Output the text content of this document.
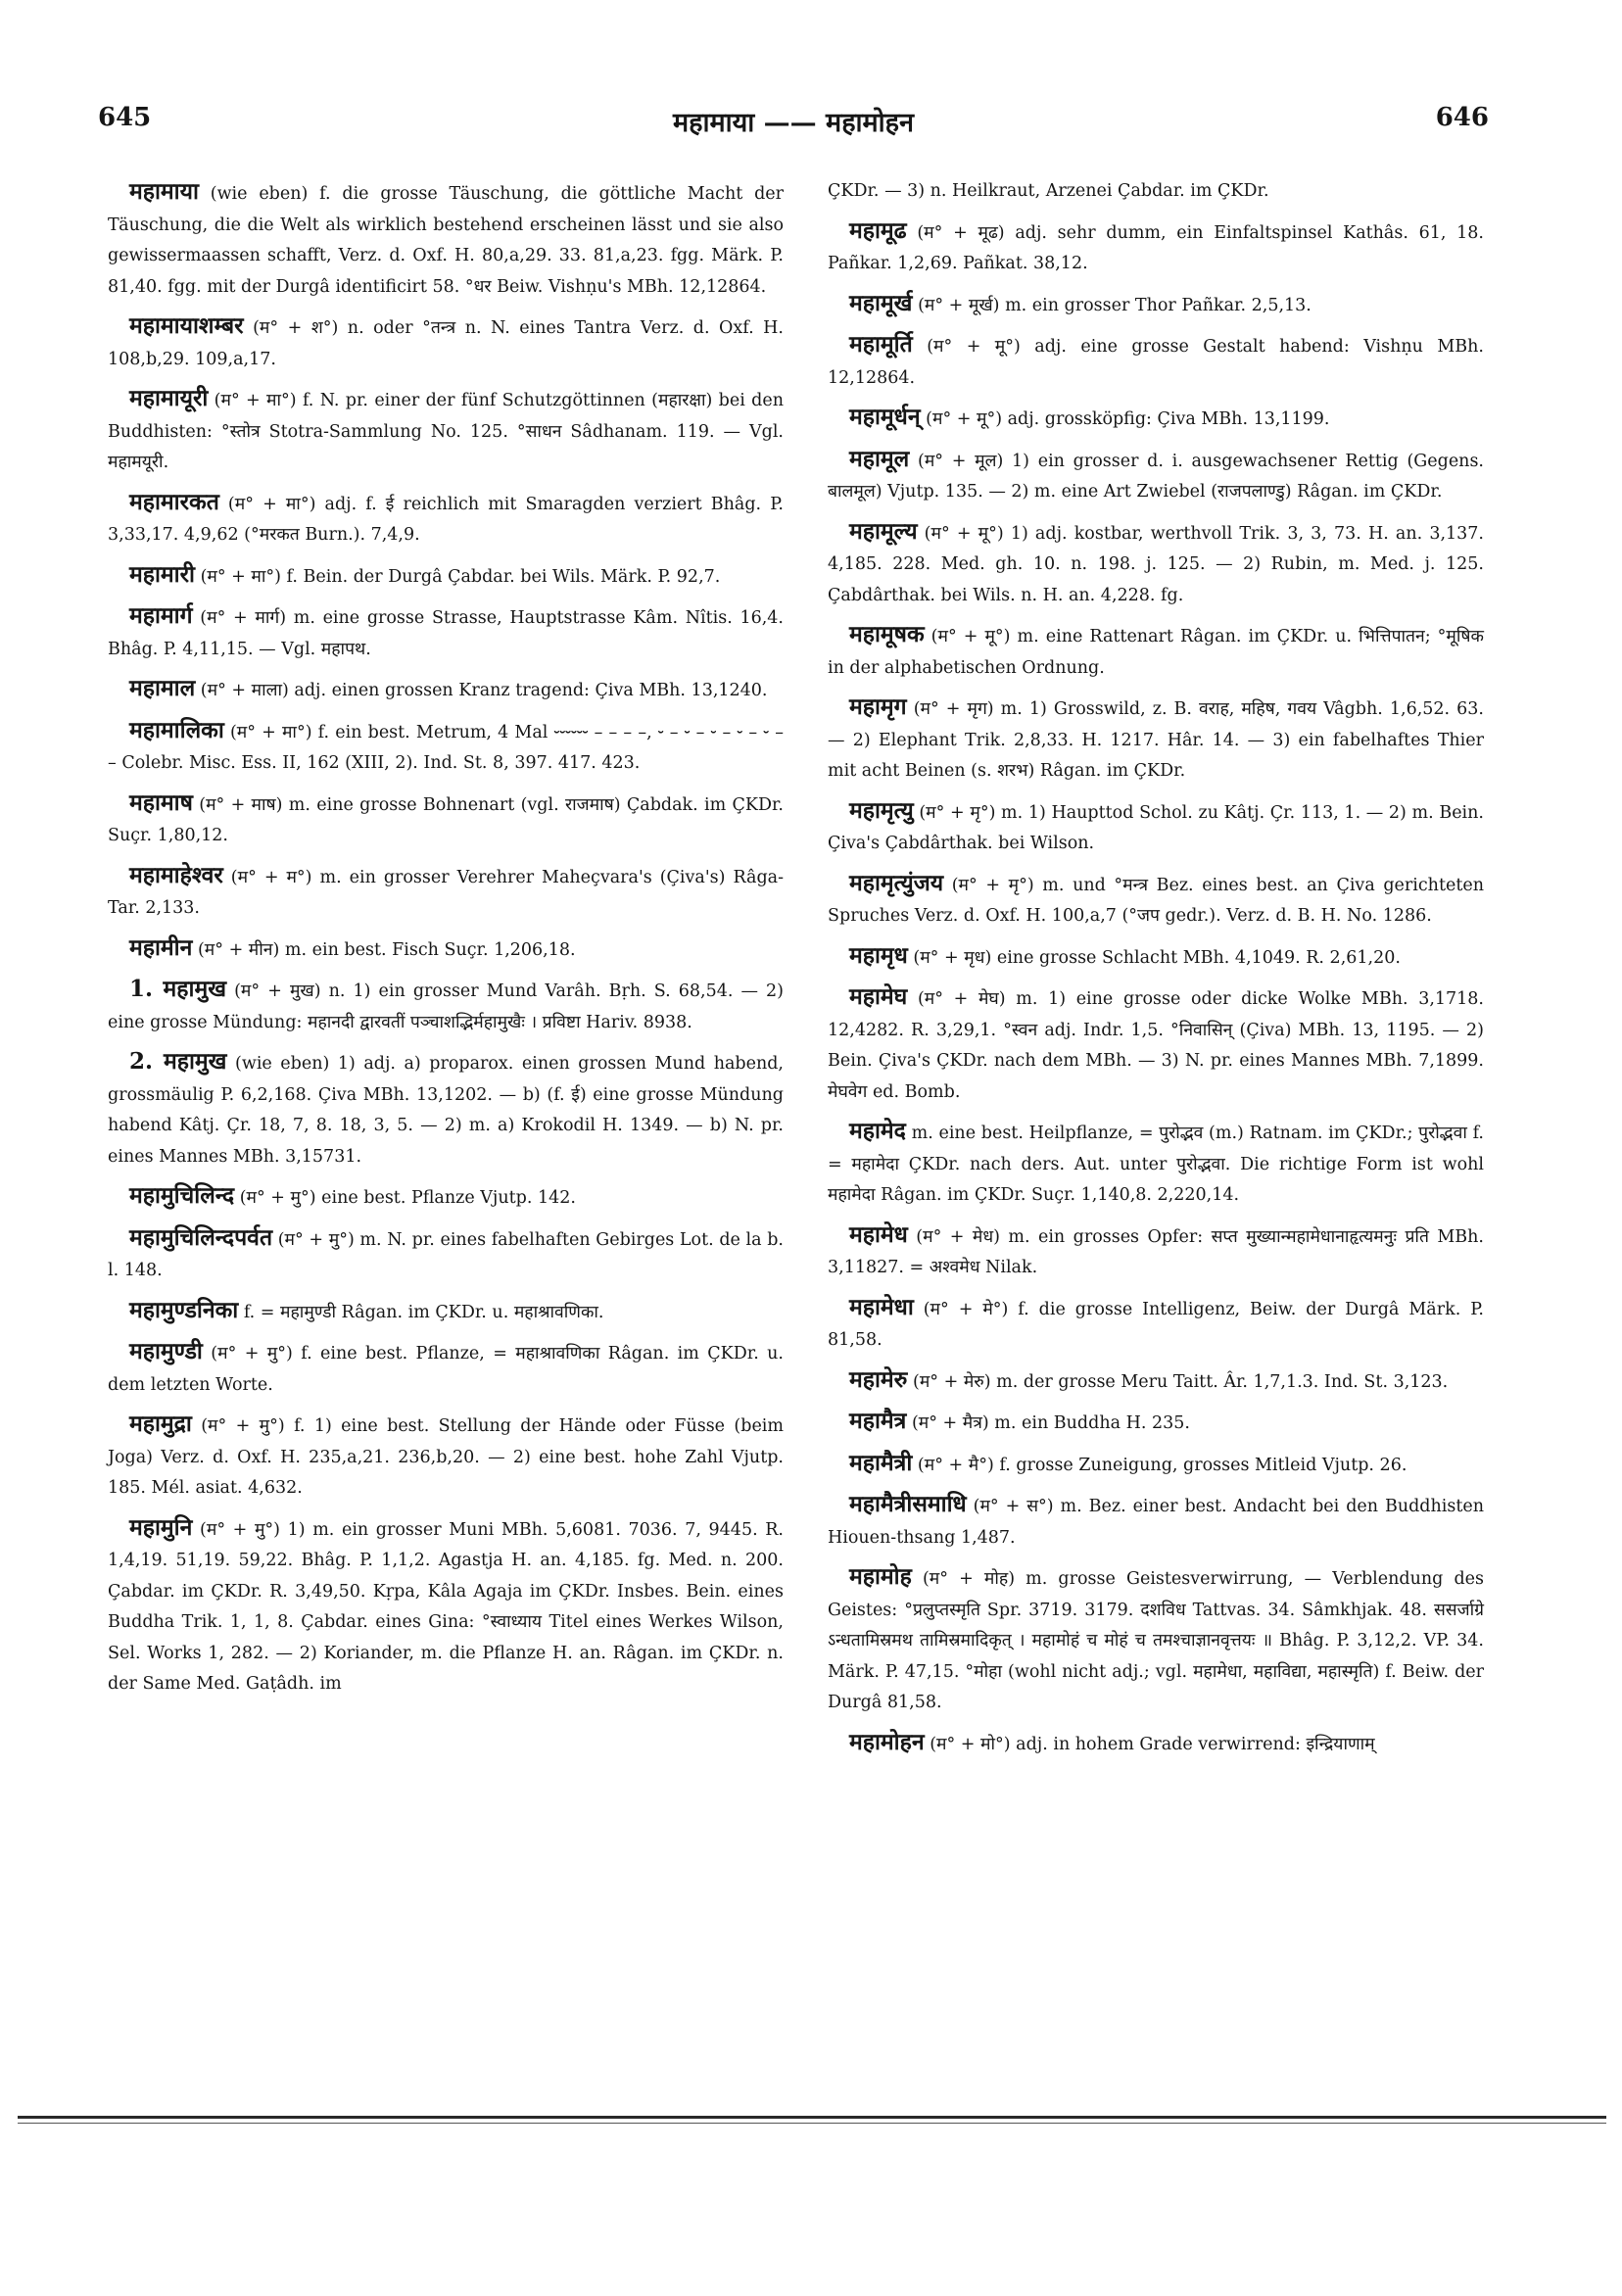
645	महामाया —— महामोहन	646

महामाया (wie eben) f. die grosse Täuschung, die göttliche Macht der Täuschung, die die Welt als wirklich bestehend erscheinen lässt und sie also gewissermaassen schafft, Verz. d. Oxf. H. 80,a,29. 33. 81,a,23. fgg. Märk. P. 81,40. fgg. mit der Durgâ identificirt 58. °धर Beiw. Vishṇu's MBh. 12,12864.

महामायाशम्बर (म° + श°) n. oder °तन्त्र n. N. eines Tantra Verz. d. Oxf. H. 108,b,29. 109,a,17.

महामायूरी (म° + मा°) f. N. pr. einer der fünf Schutzgöttinnen (महारक्षा) bei den Buddhisten: °स्तोत्र Stotra-Sammlung No. 125. °साधन Sâdhanam. 119. — Vgl. महामयूरी.

महामारकत (म° + मा°) adj. f. ई reichlich mit Smaragden verziert Bhâg. P. 3,33,17. 4,9,62 (°मरकत Burn.). 7,4,9.

महामारी (म° + मा°) f. Bein. der Durgâ Çabdar. bei Wils. Märk. P. 92,7.

महामार्ग (म° + मार्ग) m. eine grosse Strasse, Hauptstrasse Kâm. Nîtis. 16,4. Bhâg. P. 4,11,15. — Vgl. महापथ.

महामाल (म° + माला) adj. einen grossen Kranz tragend: Çiva MBh. 13,1240.

महामालिका (म° + मा°) f. ein best. Metrum, 4 Mal ⏑⏑⏑⏑⏑⏑ – – – –, ⏑ – ⏑ – ⏑ – ⏑ – ⏑ – – Colebr. Misc. Ess. II, 162 (XIII, 2). Ind. St. 8, 397. 417. 423.

महामाष (म° + माष) m. eine grosse Bohnenart (vgl. राजमाष) Çabdak. im ÇKDr. Suçr. 1,80,12.

महामाहेश्वर (म° + म°) m. ein grosser Verehrer Maheçvara's (Çiva's) Râga-Tar. 2,133.

महामीन (म° + मीन) m. ein best. Fisch Suçr. 1,206,18.

1. महामुख (म° + मुख) n. 1) ein grosser Mund Varâh. Bṛh. S. 68,54. — 2) eine grosse Mündung: महानदी द्वारवतीं पञ्चाशद्भिर्महामुखैः । प्रविष्टा Hariv. 8938.

2. महामुख (wie eben) 1) adj. a) proparox. einen grossen Mund habend, grossmäulig P. 6,2,168. Çiva MBh. 13,1202. — b) (f. ई) eine grosse Mündung habend Kâtj. Çr. 18, 7, 8. 18, 3, 5. — 2) m. a) Krokodil H. 1349. — b) N. pr. eines Mannes MBh. 3,15731.

महामुचिलिन्द (म° + मु°) eine best. Pflanze Vjutp. 142.

महामुचिलिन्दपर्वत (म° + मु°) m. N. pr. eines fabelhaften Gebirges Lot. de la b. l. 148.

महामुण्डनिका f. = महामुण्डी Râgan. im ÇKDr. u. महाश्रावणिका.

महामुण्डी (म° + मु°) f. eine best. Pflanze, = महाश्रावणिका Râgan. im ÇKDr. u. dem letzten Worte.

महामुद्रा (म° + मु°) f. 1) eine best. Stellung der Hände oder Füsse (beim Joga) Verz. d. Oxf. H. 235,a,21. 236,b,20. — 2) eine best. hohe Zahl Vjutp. 185. Mél. asiat. 4,632.

महामुनि (म° + मु°) 1) m. ein grosser Muni MBh. 5,6081. 7036. 7, 9445. R. 1,4,19. 51,19. 59,22. Bhâg. P. 1,1,2. Agastja H. an. 4,185. fg. Med. n. 200. Çabdar. im ÇKDr. R. 3,49,50. Kṛpa, Kâla Agaja im ÇKDr. Insbes. Bein. eines Buddha Trik. 1, 1, 8. Çabdar. eines Gina: °स्वाध्याय Titel eines Werkes Wilson, Sel. Works 1, 282. — 2) Koriander, m. die Pflanze H. an. Râgan. im ÇKDr. n. der Same Med. Gaṭâdh. im

ÇKDr. — 3) n. Heilkraut, Arzenei Çabdar. im ÇKDr.

महामूढ (म° + मूढ) adj. sehr dumm, ein Einfaltspinsel Kathâs. 61, 18. Pañkar. 1,2,69. Pañkat. 38,12.

महामूर्ख (म° + मूर्ख) m. ein grosser Thor Pañkar. 2,5,13.

महामूर्ति (म° + मू°) adj. eine grosse Gestalt habend: Vishṇu MBh. 12,12864.

महामूर्धन् (म° + मू°) adj. grossköpfig: Çiva MBh. 13,1199.

महामूल (म° + मूल) 1) ein grosser d. i. ausgewachsener Rettig (Gegens. बालमूल) Vjutp. 135. — 2) m. eine Art Zwiebel (राजपलाण्डु) Râgan. im ÇKDr.

महामूल्य (म° + मू°) 1) adj. kostbar, werthvoll Trik. 3, 3, 73. H. an. 3,137. 4,185. 228. Med. gh. 10. n. 198. j. 125. — 2) Rubin, m. Med. j. 125. Çabdârthak. bei Wils. n. H. an. 4,228. fg.

महामूषक (म° + मू°) m. eine Rattenart Râgan. im ÇKDr. u. भित्तिपातन; °मूषिक in der alphabetischen Ordnung.

महामृग (म° + मृग) m. 1) Grosswild, z. B. वराह, महिष, गवय Vâgbh. 1,6,52. 63. — 2) Elephant Trik. 2,8,33. H. 1217. Hâr. 14. — 3) ein fabelhaftes Thier mit acht Beinen (s. शरभ) Râgan. im ÇKDr.

महामृत्यु (म° + मृ°) m. 1) Haupttod Schol. zu Kâtj. Çr. 113, 1. — 2) m. Bein. Çiva's Çabdârthak. bei Wilson.

महामृत्युंजय (म° + मृ°) m. und °मन्त्र Bez. eines best. an Çiva gerichteten Spruches Verz. d. Oxf. H. 100,a,7 (°जप gedr.). Verz. d. B. H. No. 1286.

महामृध (म° + मृध) eine grosse Schlacht MBh. 4,1049. R. 2,61,20.

महामेघ (म° + मेघ) m. 1) eine grosse oder dicke Wolke MBh. 3,1718. 12,4282. R. 3,29,1. °स्वन adj. Indr. 1,5. °निवासिन् (Çiva) MBh. 13, 1195. — 2) Bein. Çiva's ÇKDr. nach dem MBh. — 3) N. pr. eines Mannes MBh. 7,1899. मेघवेग ed. Bomb.

महामेद m. eine best. Heilpflanze, = पुरोद्भव (m.) Ratnam. im ÇKDr.; पुरोद्भवा f. = महामेदा ÇKDr. nach ders. Aut. unter पुरोद्भवा. Die richtige Form ist wohl महामेदा Râgan. im ÇKDr. Suçr. 1,140,8. 2,220,14.

महामेध (म° + मेध) m. ein grosses Opfer: सप्त मुख्यान्महामेधानाहृत्यमनुः प्रति MBh. 3,11827. = अश्वमेध Nilak.

महामेधा (म° + मे°) f. die grosse Intelligenz, Beiw. der Durgâ Märk. P. 81,58.

महामेरु (म° + मेरु) m. der grosse Meru Taitt. Âr. 1,7,1.3. Ind. St. 3,123.

महामैत्र (म° + मैत्र) m. ein Buddha H. 235.

महामैत्री (म° + मै°) f. grosse Zuneigung, grosses Mitleid Vjutp. 26.

महामैत्रीसमाधि (म° + स°) m. Bez. einer best. Andacht bei den Buddhisten Hiouen-thsang 1,487.

महामोह (म° + मोह) m. grosse Geistesverwirrung, — Verblendung des Geistes: °प्रलुप्तस्मृति Spr. 3719. 3179. दशविध Tattvas. 34. Sâmkhjak. 48. ससर्जाग्रे ऽन्धतामिस्रमथ तामिस्रमादिकृत् । महामोहं च मोहं च तमश्चाज्ञानवृत्तयः ॥ Bhâg. P. 3,12,2. VP. 34. Märk. P. 47,15. °मोहा (wohl nicht adj.; vgl. महामेधा, महाविद्या, महास्मृति) f. Beiw. der Durgâ 81,58.

महामोहन (म° + मो°) adj. in hohem Grade verwirrend: इन्द्रियाणाम्
